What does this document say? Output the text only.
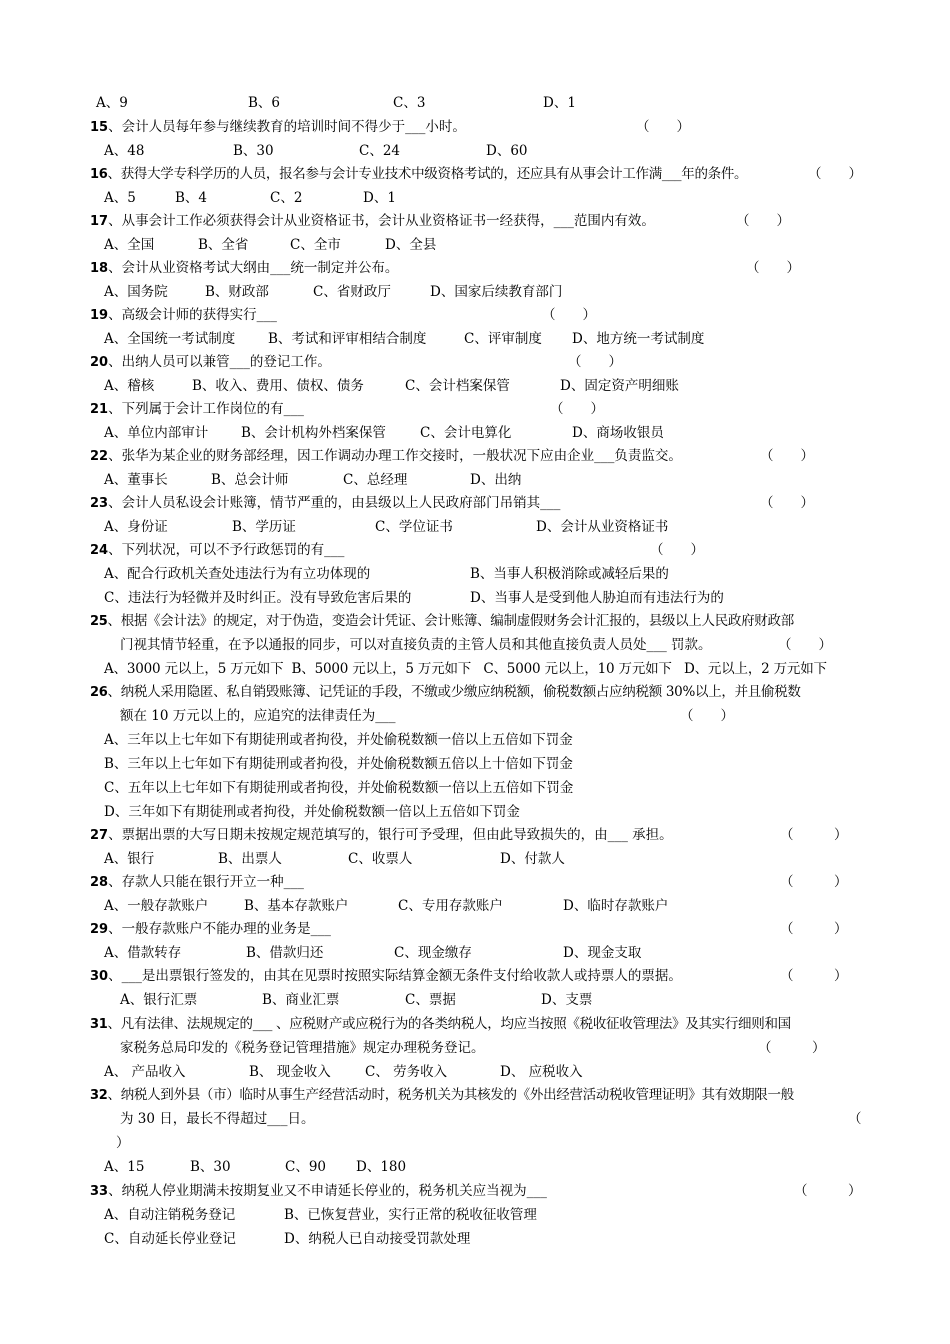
A、9	B、6	C、3	D、1
15、会计人员每年参与继续教育的培训时间不得少于___小时。	（　　）
A、48	B、30	C、24	D、60
16、获得大学专科学历的人员，报名参与会计专业技术中级资格考试的，还应具有从事会计工作满___年的条件。	（　　）
A、5	B、4	C、2	D、1
17、从事会计工作必须获得会计从业资格证书，会计从业资格证书一经获得，___范围内有效。	（　　）
A、全国	B、全省	C、全市	D、全县
18、会计从业资格考试大纲由___统一制定并公布。	（　　）
A、国务院	B、财政部	C、省财政厅	D、国家后续教育部门
19、高级会计师的获得实行___	（　　）
A、全国统一考试制度 B、考试和评审相结合制度	C、评审制度 D、地方统一考试制度
20、出纳人员可以兼管___的登记工作。	（　　）
A、稽核	B、收入、费用、债权、债务	C、会计档案保管	D、固定资产明细账
21、下列属于会计工作岗位的有___	（　　）
A、单位内部审计 B、会计机构外档案保管	C、会计电算化	D、商场收银员
22、张华为某企业的财务部经理，因工作调动办理工作交接时，一般状况下应由企业___负责监交。	（　　）
A、董事长	B、总会计师	C、总经理	D、出纳
23、会计人员私设会计账簿，情节严重的，由县级以上人民政府部门吊销其___	（　　）
A、身份证	B、学历证	C、学位证书	D、会计从业资格证书
24、下列状况，可以不予行政惩罚的有___	（　　）
A、配合行政机关查处违法行为有立功体现的	B、当事人积极消除或减轻后果的
C、违法行为轻微并及时纠正。没有导致危害后果的	D、当事人是受到他人胁迫而有违法行为的
25、根据《会计法》的规定，对于伪造，变造会计凭证、会计账簿、编制虚假财务会计汇报的，县级以上人民政府财政部
门视其情节轻重，在予以通报的同步，可以对直接负责的主管人员和其他直接负责人员处___ 罚款。	（　　）
A、3000 元以上，5 万元如下  B、5000 元以上，5 万元如下   C、5000 元以上，10 万元如下   D、元以上，2 万元如下
26、纳税人采用隐匿、私自销毁账簿、记凭证的手段，不缴或少缴应纳税额，偷税数额占应纳税额 30%以上，并且偷税数
额在 10 万元以上的，应追究的法律责任为___	（　　）
A、三年以上七年如下有期徒刑或者拘役，并处偷税数额一倍以上五倍如下罚金
B、三年以上七年如下有期徒刑或者拘役，并处偷税数额五倍以上十倍如下罚金
C、五年以上七年如下有期徒刑或者拘役，并处偷税数额一倍以上五倍如下罚金
D、三年如下有期徒刑或者拘役，并处偷税数额一倍以上五倍如下罚金
27、票据出票的大写日期未按规定规范填写的，银行可予受理，但由此导致损失的，由___ 承担。	（　　　）
A、银行	B、出票人	C、收票人	D、付款人
28、存款人只能在银行开立一种___	（　　　）
A、一般存款账户	B、基本存款账户	C、专用存款账户	D、临时存款账户
29、一般存款账户不能办理的业务是___	（　　　）
A、借款转存	B、借款归还	C、现金缴存	D、现金支取
30、___是出票银行签发的，由其在见票时按照实际结算金额无条件支付给收款人或持票人的票据。	（　　　）
A、银行汇票	B、商业汇票	C、票据	D、支票
31、凡有法律、法规规定的___ 、应税财产或应税行为的各类纳税人，均应当按照《税收征收管理法》及其实行细则和国
家税务总局印发的《税务登记管理措施》规定办理税务登记。	（　　　）
A、 产品收入	B、 现金收入	C、 劳务收入	D、 应税收入
32、纳税人到外县（市）临时从事生产经营活动时，税务机关为其核发的《外出经营活动税收管理证明》其有效期限一般
为 30 日，最长不得超过___日。	（
）
A、15	B、30	C、90 D、180
33、纳税人停业期满未按期复业又不申请延长停业的，税务机关应当视为___	（　　　）
A、自动注销税务登记	B、已恢复营业，实行正常的税收征收管理
C、自动延长停业登记	D、纳税人已自动接受罚款处理
